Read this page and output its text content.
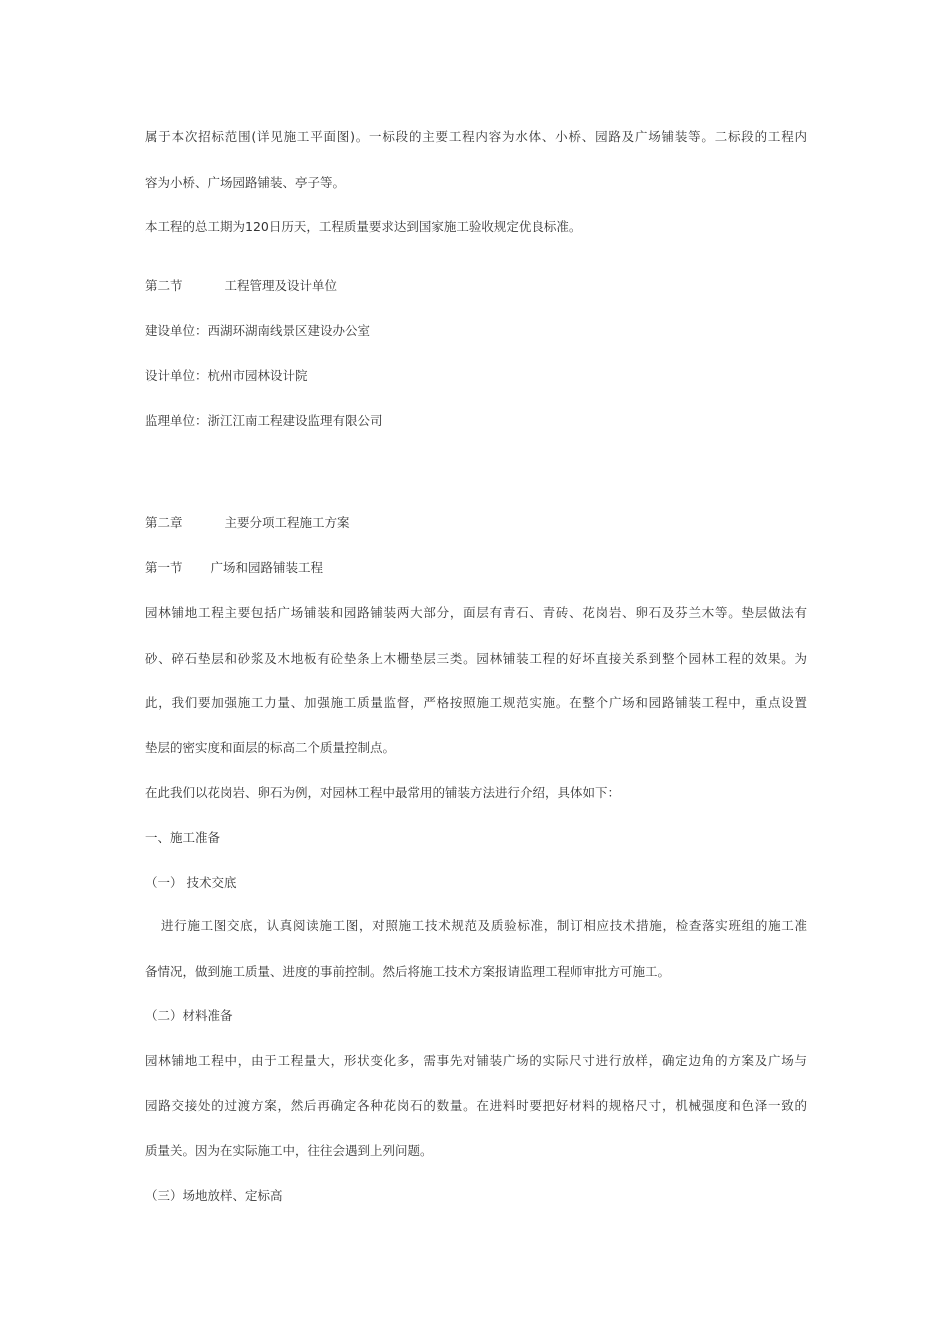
属于本次招标范围(详见施工平面图)。一标段的主要工程内容为水体、小桥、园路及广场铺装等。二标段的工程内
容为小桥、广场园路铺装、亭子等。
本工程的总工期为120日历天，工程质量要求达到国家施工验收规定优良标准。
第二节	工程管理及设计单位
建设单位：西湖环湖南线景区建设办公室
设计单位：杭州市园林设计院
监理单位：浙江江南工程建设监理有限公司
第二章	主要分项工程施工方案
第一节 广场和园路铺装工程
园林铺地工程主要包括广场铺装和园路铺装两大部分，面层有青石、青砖、花岗岩、卵石及芬兰木等。垫层做法有
砂、碎石垫层和砂浆及木地板有砼垫条上木栅垫层三类。园林铺装工程的好坏直接关系到整个园林工程的效果。为
此，我们要加强施工力量、加强施工质量监督，严格按照施工规范实施。在整个广场和园路铺装工程中，重点设置
垫层的密实度和面层的标高二个质量控制点。
在此我们以花岗岩、卵石为例，对园林工程中最常用的铺装方法进行介绍，具体如下：
一、施工准备
（一） 技术交底
进行施工图交底，认真阅读施工图，对照施工技术规范及质验标准，制订相应技术措施，检查落实班组的施工准
备情况，做到施工质量、进度的事前控制。然后将施工技术方案报请监理工程师审批方可施工。
（二）材料准备
园林铺地工程中，由于工程量大，形状变化多，需事先对铺装广场的实际尺寸进行放样，确定边角的方案及广场与
园路交接处的过渡方案，然后再确定各种花岗石的数量。在进料时要把好材料的规格尺寸，机械强度和色泽一致的
质量关。因为在实际施工中，往往会遇到上列问题。
（三）场地放样、定标高
